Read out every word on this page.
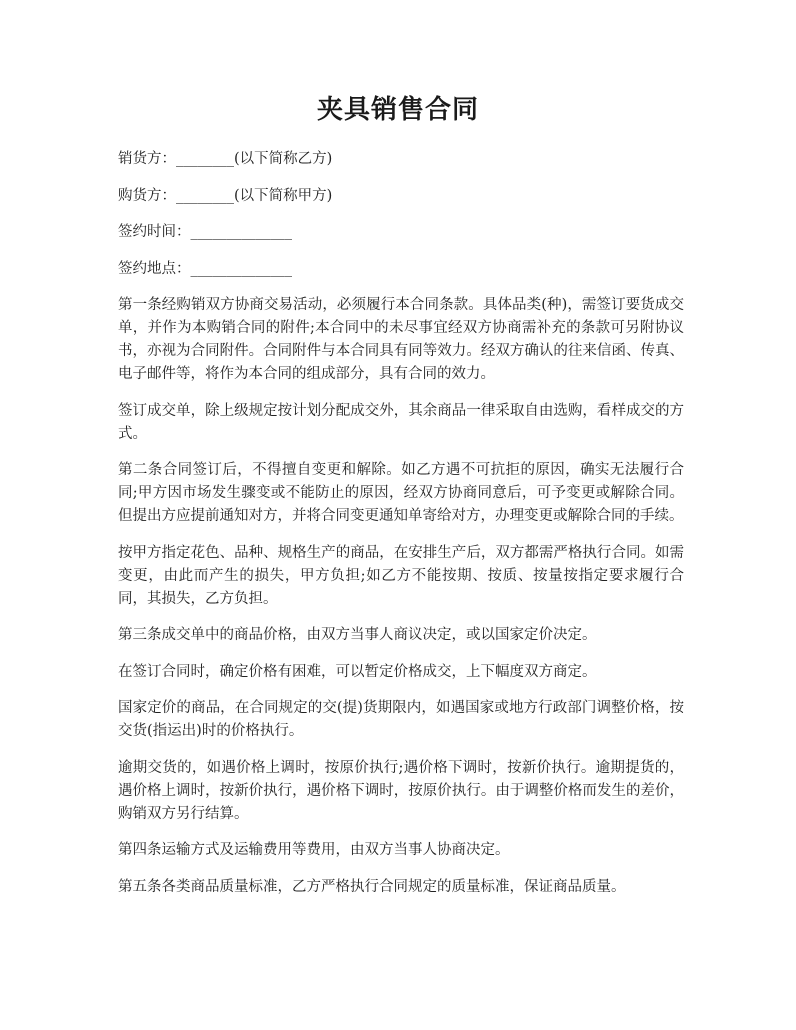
夹具销售合同
销货方：________(以下简称乙方)
购货方：________(以下简称甲方)
签约时间：______________
签约地点：______________
第一条经购销双方协商交易活动，必须履行本合同条款。具体品类(种)，需签订要货成交单，并作为本购销合同的附件;本合同中的未尽事宜经双方协商需补充的条款可另附协议书，亦视为合同附件。合同附件与本合同具有同等效力。经双方确认的往来信函、传真、电子邮件等，将作为本合同的组成部分，具有合同的效力。
签订成交单，除上级规定按计划分配成交外，其余商品一律采取自由选购，看样成交的方式。
第二条合同签订后，不得擅自变更和解除。如乙方遇不可抗拒的原因，确实无法履行合同;甲方因市场发生骤变或不能防止的原因，经双方协商同意后，可予变更或解除合同。但提出方应提前通知对方，并将合同变更通知单寄给对方，办理变更或解除合同的手续。
按甲方指定花色、品种、规格生产的商品，在安排生产后，双方都需严格执行合同。如需变更，由此而产生的损失，甲方负担;如乙方不能按期、按质、按量按指定要求履行合同，其损失，乙方负担。
第三条成交单中的商品价格，由双方当事人商议决定，或以国家定价决定。
在签订合同时，确定价格有困难，可以暂定价格成交，上下幅度双方商定。
国家定价的商品，在合同规定的交(提)货期限内，如遇国家或地方行政部门调整价格，按交货(指运出)时的价格执行。
逾期交货的，如遇价格上调时，按原价执行;遇价格下调时，按新价执行。逾期提货的，遇价格上调时，按新价执行，遇价格下调时，按原价执行。由于调整价格而发生的差价，购销双方另行结算。
第四条运输方式及运输费用等费用，由双方当事人协商决定。
第五条各类商品质量标准，乙方严格执行合同规定的质量标准，保证商品质量。
